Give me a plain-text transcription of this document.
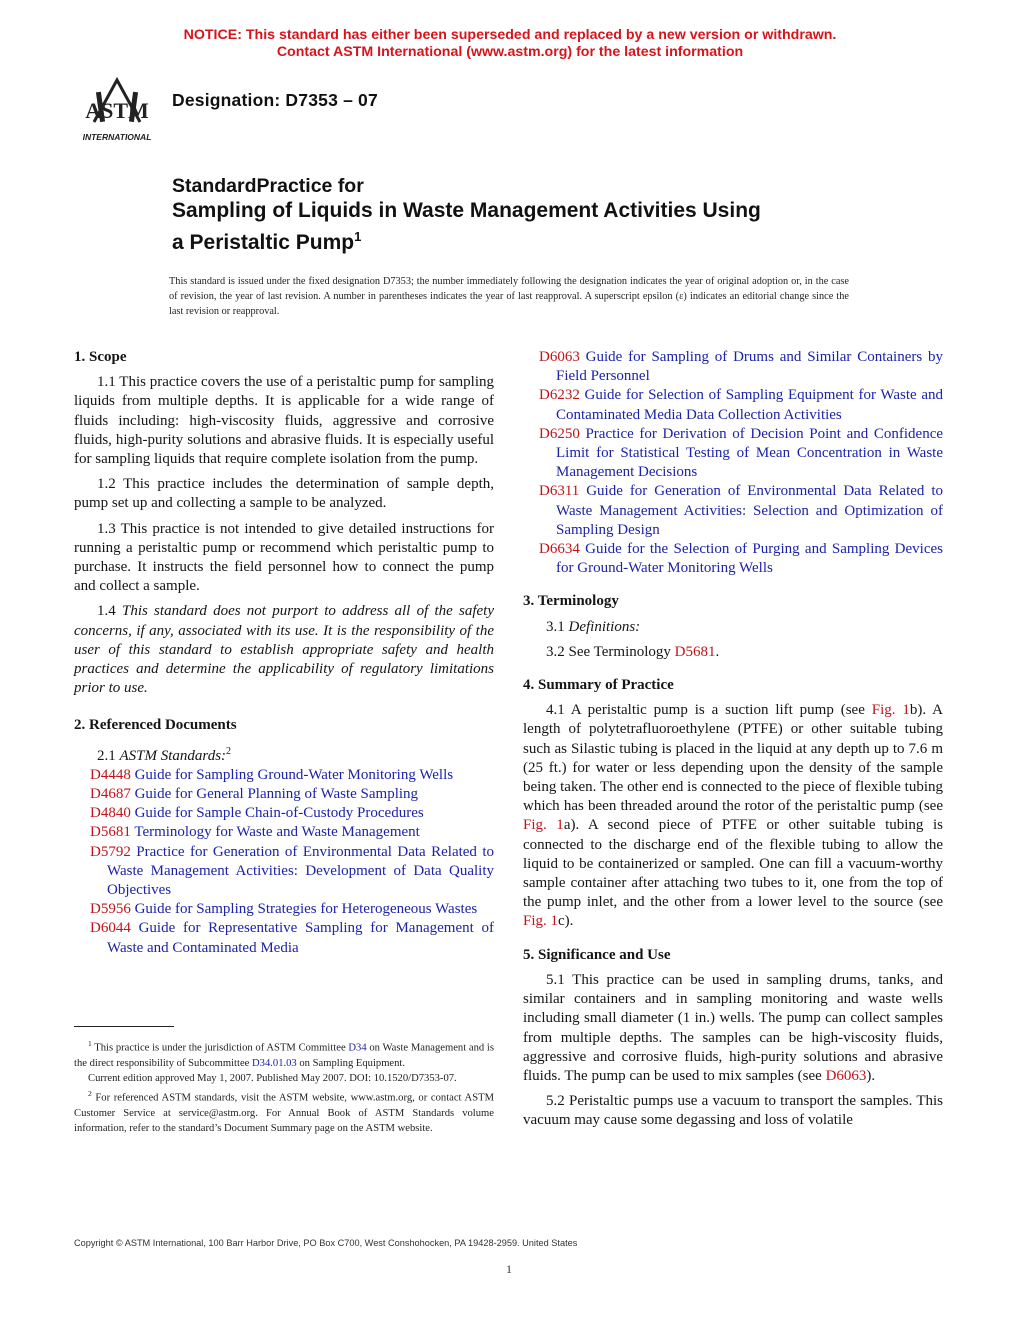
NOTICE: This standard has either been superseded and replaced by a new version or withdrawn.
Contact ASTM International (www.astm.org) for the latest information
ASTM
INTERNATIONAL
Designation: D7353 – 07
StandardPractice for
Sampling of Liquids in Waste Management Activities Using
a Peristaltic Pump$^1$
This standard is issued under the fixed designation D7353; the number immediately following the designation indicates the year of original adoption or, in the case of revision, the year of last revision. A number in parentheses indicates the year of last reapproval. A superscript epsilon (ε) indicates an editorial change since the last revision or reapproval.

1. Scope

1.1 This practice covers the use of a peristaltic pump for sampling liquids from multiple depths. It is applicable for a wide range of fluids including: high-viscosity fluids, aggressive and corrosive fluids, high-purity solutions and abrasive fluids. It is especially useful for sampling liquids that require complete isolation from the pump.

1.2 This practice includes the determination of sample depth, pump set up and collecting a sample to be analyzed.

1.3 This practice is not intended to give detailed instructions for running a peristaltic pump or recommend which peristaltic pump to purchase. It instructs the field personnel how to connect the pump and collect a sample.

1.4 This standard does not purport to address all of the safety concerns, if any, associated with its use. It is the responsibility of the user of this standard to establish appropriate safety and health practices and determine the applicability of regulatory limitations prior to use.

2. Referenced Documents

2.1 ASTM Standards:$^2$

D4448 Guide for Sampling Ground-Water Monitoring Wells

D4687 Guide for General Planning of Waste Sampling

D4840 Guide for Sample Chain-of-Custody Procedures

D5681 Terminology for Waste and Waste Management

D5792 Practice for Generation of Environmental Data Related to Waste Management Activities: Development of Data Quality Objectives

D5956 Guide for Sampling Strategies for Heterogeneous Wastes

D6044 Guide for Representative Sampling for Management of Waste and Contaminated Media

D6063 Guide for Sampling of Drums and Similar Containers by Field Personnel

D6232 Guide for Selection of Sampling Equipment for Waste and Contaminated Media Data Collection Activities

D6250 Practice for Derivation of Decision Point and Confidence Limit for Statistical Testing of Mean Concentration in Waste Management Decisions

D6311 Guide for Generation of Environmental Data Related to Waste Management Activities: Selection and Optimization of Sampling Design

D6634 Guide for the Selection of Purging and Sampling Devices for Ground-Water Monitoring Wells

3. Terminology

3.1 Definitions:

3.2 See Terminology D5681.

4. Summary of Practice

4.1 A peristaltic pump is a suction lift pump (see Fig. 1b). A length of polytetrafluoroethylene (PTFE) or other suitable tubing such as Silastic tubing is placed in the liquid at any depth up to 7.6 m (25 ft.) for water or less depending upon the density of the sample being taken. The other end is connected to the piece of flexible tubing which has been threaded around the rotor of the peristaltic pump (see Fig. 1a). A second piece of PTFE or other suitable tubing is connected to the discharge end of the flexible tubing to allow the liquid to be containerized or sampled. One can fill a vacuum-worthy sample container after attaching two tubes to it, one from the top of the pump inlet, and the other from a lower level to the source (see Fig. 1c).

5. Significance and Use

5.1 This practice can be used in sampling drums, tanks, and similar containers and in sampling monitoring and waste wells including small diameter (1 in.) wells. The pump can collect samples from multiple depths. The samples can be high-viscosity fluids, aggressive and corrosive fluids, high-purity solutions and abrasive fluids. The pump can be used to mix samples (see D6063).

5.2 Peristaltic pumps use a vacuum to transport the samples. This vacuum may cause some degassing and loss of volatile

$^1$ This practice is under the jurisdiction of ASTM Committee D34 on Waste Management and is the direct responsibility of Subcommittee D34.01.03 on Sampling Equipment.

Current edition approved May 1, 2007. Published May 2007. DOI: 10.1520/D7353-07.

$^2$ For referenced ASTM standards, visit the ASTM website, www.astm.org, or contact ASTM Customer Service at service@astm.org. For Annual Book of ASTM Standards volume information, refer to the standard’s Document Summary page on the ASTM website.

Copyright © ASTM International, 100 Barr Harbor Drive, PO Box C700, West Conshohocken, PA 19428-2959. United States
1
